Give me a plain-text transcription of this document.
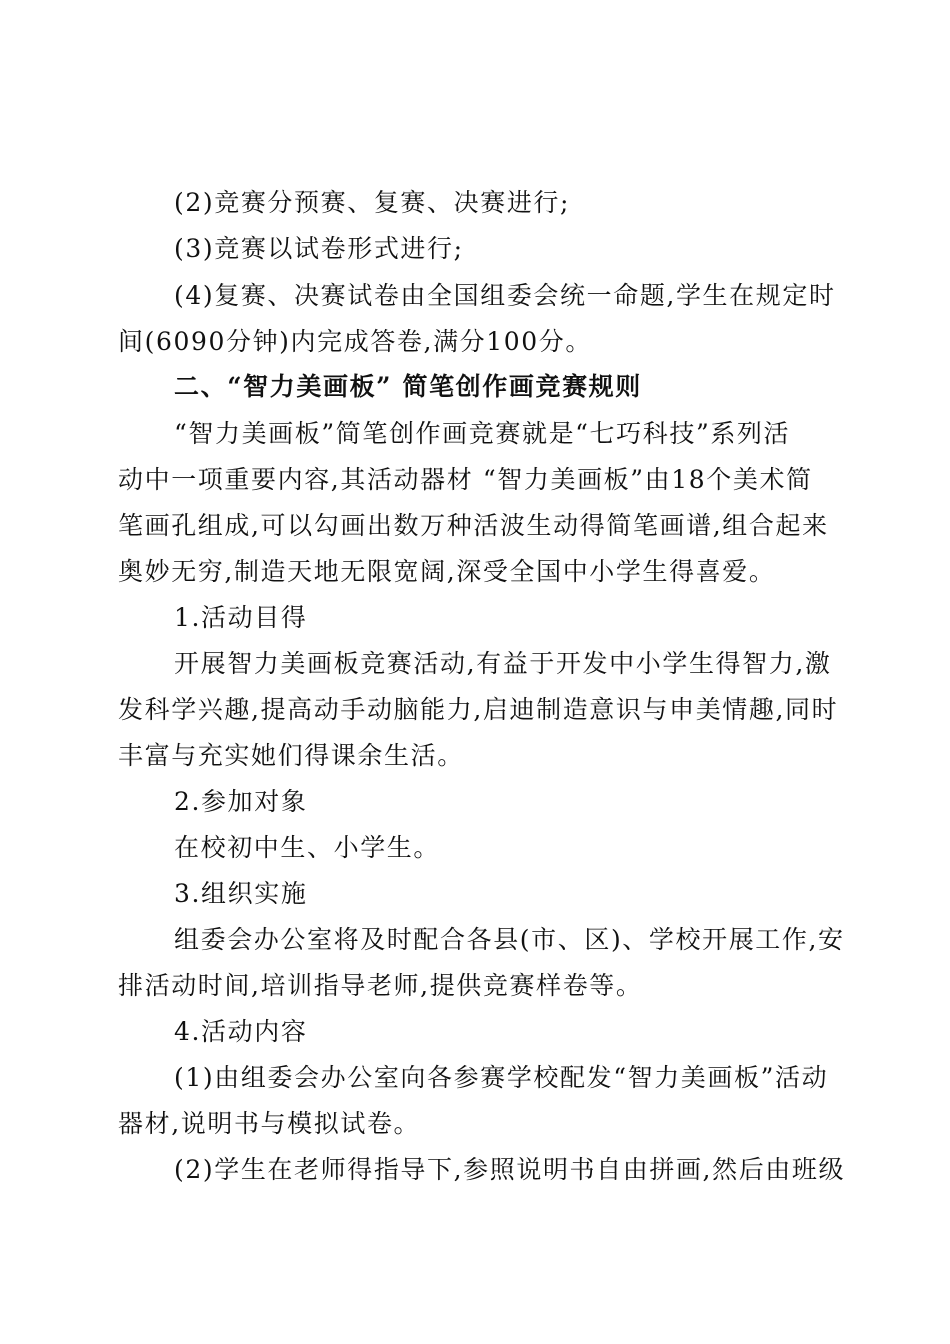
(2)竞赛分预赛、复赛、决赛进行;
(3)竞赛以试卷形式进行;
(4)复赛、决赛试卷由全国组委会统一命题,学生在规定时
间(6090分钟)内完成答卷,满分100分。
二、“智力美画板” 简笔创作画竞赛规则
“智力美画板”简笔创作画竞赛就是“七巧科技”系列活
动中一项重要内容,其活动器材 “智力美画板”由18个美术简
笔画孔组成,可以勾画出数万种活波生动得简笔画谱,组合起来
奥妙无穷,制造天地无限宽阔,深受全国中小学生得喜爱。
1.活动目得
开展智力美画板竞赛活动,有益于开发中小学生得智力,激
发科学兴趣,提高动手动脑能力,启迪制造意识与申美情趣,同时
丰富与充实她们得课余生活。
2.参加对象
在校初中生、小学生。
3.组织实施
组委会办公室将及时配合各县(市、区)、学校开展工作,安
排活动时间,培训指导老师,提供竞赛样卷等。
4.活动内容
(1)由组委会办公室向各参赛学校配发“智力美画板”活动
器材,说明书与模拟试卷。
(2)学生在老师得指导下,参照说明书自由拼画,然后由班级
